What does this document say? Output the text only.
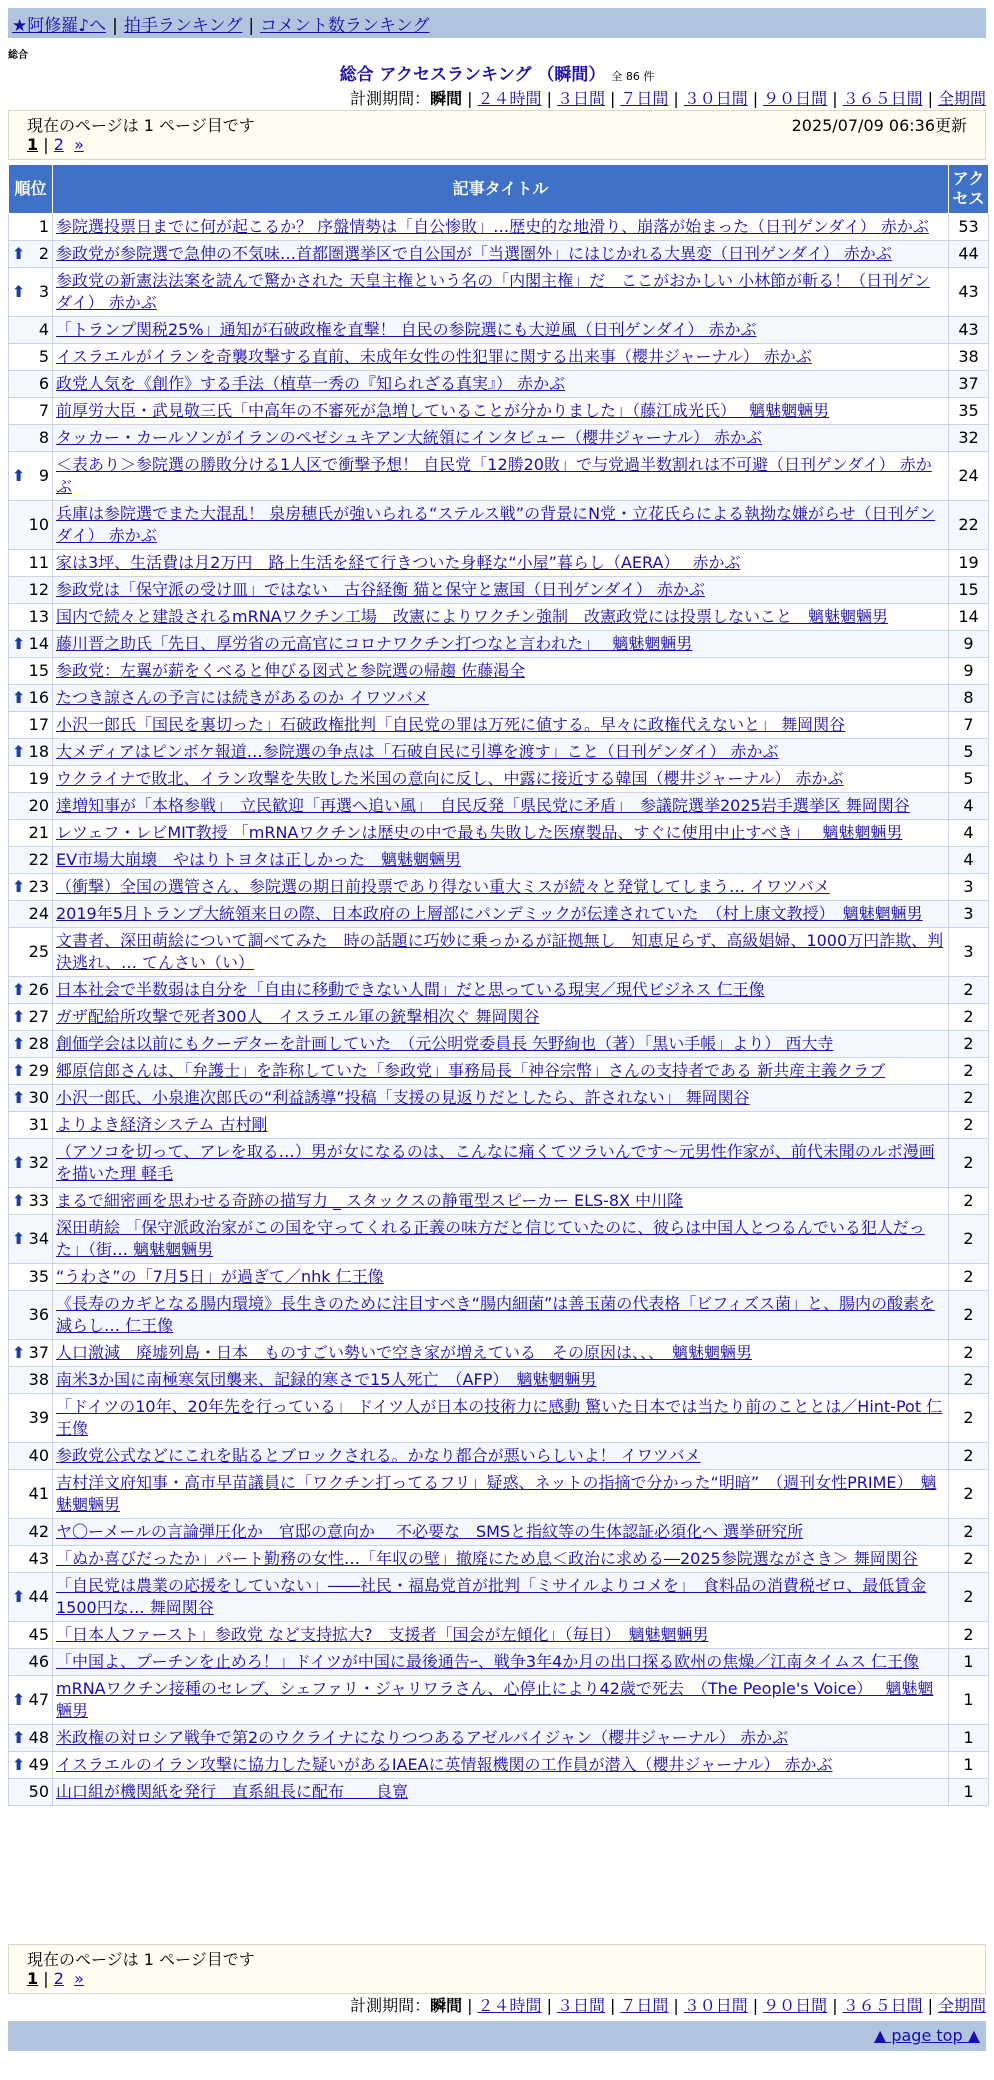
★阿修羅♪へ | 拍手ランキング | コメント数ランキング
総合
総合 アクセスランキング （瞬間） 全 86 件
計測期間：瞬間 | ２４時間 | ３日間 | ７日間 | ３０日間 | ９０日間 | ３６５日間 | 全期間
現在のページは 1 ページ目です	2025/07/09 06:36更新
1 | 2 »
順位	記事タイトル	アクセス
1	参院選投票日までに何が起こるか？ 序盤情勢は「自公惨敗」…歴史的な地滑り、崩落が始まった（日刊ゲンダイ） 赤かぶ	53

⬆ 2	参政党が参院選で急伸の不気味…首都圏選挙区で自公国が「当選圏外」にはじかれる大異変（日刊ゲンダイ） 赤かぶ	44

⬆ 3	参政党の新憲法法案を読んで驚かされた 天皇主権という名の「内閣主権」だ　ここがおかしい 小林節が斬る！（日刊ゲンダイ） 赤かぶ	43
4	「トランプ関税25%」通知が石破政権を直撃！ 自民の参院選にも大逆風（日刊ゲンダイ） 赤かぶ	43
5	イスラエルがイランを奇襲攻撃する直前、未成年女性の性犯罪に関する出来事（櫻井ジャーナル） 赤かぶ	38
6	政党人気を《創作》する手法（植草一秀の『知られざる真実』） 赤かぶ	37
7	前厚労大臣・武見敬三氏「中高年の不審死が急増していることが分かりました」（藤江成光氏）　 魑魅魍魎男	35
8	タッカー・カールソンがイランのペゼシュキアン大統領にインタビュー（櫻井ジャーナル） 赤かぶ	32

⬆ 9	＜表あり＞参院選の勝敗分ける1人区で衝撃予想！ 自民党「12勝20敗」で与党過半数割れは不可避（日刊ゲンダイ） 赤かぶ	24
10	兵庫は参院選でまた大混乱！ 泉房穂氏が強いられる“ステルス戦”の背景にN党・立花氏らによる執拗な嫌がらせ（日刊ゲンダイ） 赤かぶ	22
11	家は3坪、生活費は月2万円　路上生活を経て行きついた身軽な“小屋”暮らし（AERA）　 赤かぶ	19
12	参政党は「保守派の受け皿」ではない　古谷経衡 猫と保守と憲国（日刊ゲンダイ） 赤かぶ	15
13	国内で続々と建設されるmRNAワクチン工場　改憲によりワクチン強制　改憲政党には投票しないこと　魑魅魍魎男	14

⬆ 14	藤川晋之助氏「先日、厚労省の元高官にコロナワクチン打つなと言われた」　 魑魅魍魎男	9
15	参政党：左翼が薪をくべると伸びる図式と参院選の帰趨 佐藤渇全	9

⬆ 16	たつき諒さんの予言には続きがあるのか イワツバメ	8
17	小沢一郎氏「国民を裏切った」石破政権批判「自民党の罪は万死に値する。早々に政権代えないと」 舞岡関谷	7

⬆ 18	大メディアはピンボケ報道…参院選の争点は「石破自民に引導を渡す」こと（日刊ゲンダイ） 赤かぶ	5
19	ウクライナで敗北、イラン攻撃を失敗した米国の意向に反し、中露に接近する韓国（櫻井ジャーナル） 赤かぶ	5
20	達増知事が「本格参戦」　立民歓迎「再選へ追い風」　自民反発「県民党に矛盾」　参議院選挙2025岩手選挙区 舞岡関谷	4
21	レツェフ・レビMIT教授 「mRNAワクチンは歴史の中で最も失敗した医療製品、すぐに使用中止すべき」　 魑魅魍魎男	4
22	EV市場大崩壊　やはりトヨタは正しかった　魑魅魍魎男	4

⬆ 23	（衝撃）全国の選管さん、参院選の期日前投票であり得ない重大ミスが続々と発覚してしまう… イワツバメ	3
24	2019年5月トランプ大統領来日の際、日本政府の上層部にパンデミックが伝達されていた　（村上康文教授）　魑魅魍魎男	3
25	文書者、深田萌絵について調べてみた　時の話題に巧妙に乗っかるが証拠無し　知恵足らず、高級娼婦、1000万円詐欺、判決逃れ、… てんさい（い）	3

⬆ 26	日本社会で半数弱は自分を「自由に移動できない人間」だと思っている現実／現代ビジネス 仁王像	2

⬆ 27	ガザ配給所攻撃で死者300人　イスラエル軍の銃撃相次ぐ 舞岡関谷	2

⬆ 28	創価学会は以前にもクーデターを計画していた　（元公明党委員長 矢野絢也（著）「黒い手帳」より） 西大寺	2

⬆ 29	郷原信郎さんは、「弁護士」を詐称していた「参政党」事務局長「神谷宗幣」さんの支持者である 新共産主義クラブ	2

⬆ 30	小沢一郎氏、小泉進次郎氏の“利益誘導”投稿「支援の見返りだとしたら、許されない」 舞岡関谷	2
31	よりよき経済システム 古村剛	2

⬆ 32	（アソコを切って、アレを取る…）男が女になるのは、こんなに痛くてツラいんです～元男性作家が、前代未聞のルポ漫画を描いた理 軽毛	2

⬆ 33	まるで細密画を思わせる奇跡の描写力 _ スタックスの静電型スピーカー ELS-8X 中川隆	2

⬆ 34	深田萌絵 「保守派政治家がこの国を守ってくれる正義の味方だと信じていたのに、彼らは中国人とつるんでいる犯人だった」（街… 魑魅魍魎男	2
35	“うわさ”の「7月5日」が過ぎて／nhk 仁王像	2
36	《長寿のカギとなる腸内環境》長生きのために注目すべき“腸内細菌”は善玉菌の代表格「ビフィズス菌」と、腸内の酸素を減らし… 仁王像	2

⬆ 37	人口激減　廃墟列島・日本　ものすごい勢いで空き家が増えている　その原因は、、、　魑魅魍魎男	2
38	南米3か国に南極寒気団襲来、記録的寒さで15人死亡　（AFP）　魑魅魍魎男	2
39	「ドイツの10年、20年先を行っている」 ドイツ人が日本の技術力に感動 驚いた日本では当たり前のこととは／Hint-Pot 仁王像	2
40	参政党公式などにこれを貼るとブロックされる。かなり都合が悪いらしいよ！ イワツバメ	2
41	吉村洋文府知事・高市早苗議員に「ワクチン打ってるフリ」疑惑、ネットの指摘で分かった“明暗”　（週刊女性PRIME）　魑魅魍魎男	2
42	ヤ〇ーメールの言論弾圧化か　官邸の意向か　 不必要な　SMSと指紋等の生体認証必須化へ 選挙研究所	2
43	「ぬか喜びだったか」パート勤務の女性…「年収の壁」撤廃にため息＜政治に求める―2025参院選ながさき＞ 舞岡関谷	2

⬆ 44	「自民党は農業の応援をしていない」――社民・福島党首が批判「ミサイルよりコメを」　食料品の消費税ゼロ、最低賃金1500円な… 舞岡関谷	2
45	「日本人ファースト」参政党 など支持拡大?　支援者「国会が左傾化」（毎日）　魑魅魍魎男	2
46	「中国よ、プーチンを止めろ！」ドイツが中国に最後通告ｰ、戦争3年4か月の出口探る欧州の焦燥／江南タイムス 仁王像	1

⬆ 47	mRNAワクチン接種のセレブ、シェファリ・ジャリワラさん、心停止により42歳で死去　（The People's Voice）　 魑魅魍魎男	1

⬆ 48	米政権の対ロシア戦争で第2のウクライナになりつつあるアゼルバイジャン（櫻井ジャーナル） 赤かぶ	1

⬆ 49	イスラエルのイラン攻撃に協力した疑いがあるIAEAに英情報機関の工作員が潜入（櫻井ジャーナル） 赤かぶ	1
50	山口組が機関紙を発行　直系組長に配布　　良寛	1
現在のページは 1 ページ目です
1 | 2 »
計測期間：瞬間 | ２４時間 | ３日間 | ７日間 | ３０日間 | ９０日間 | ３６５日間 | 全期間
▲ page top ▲
